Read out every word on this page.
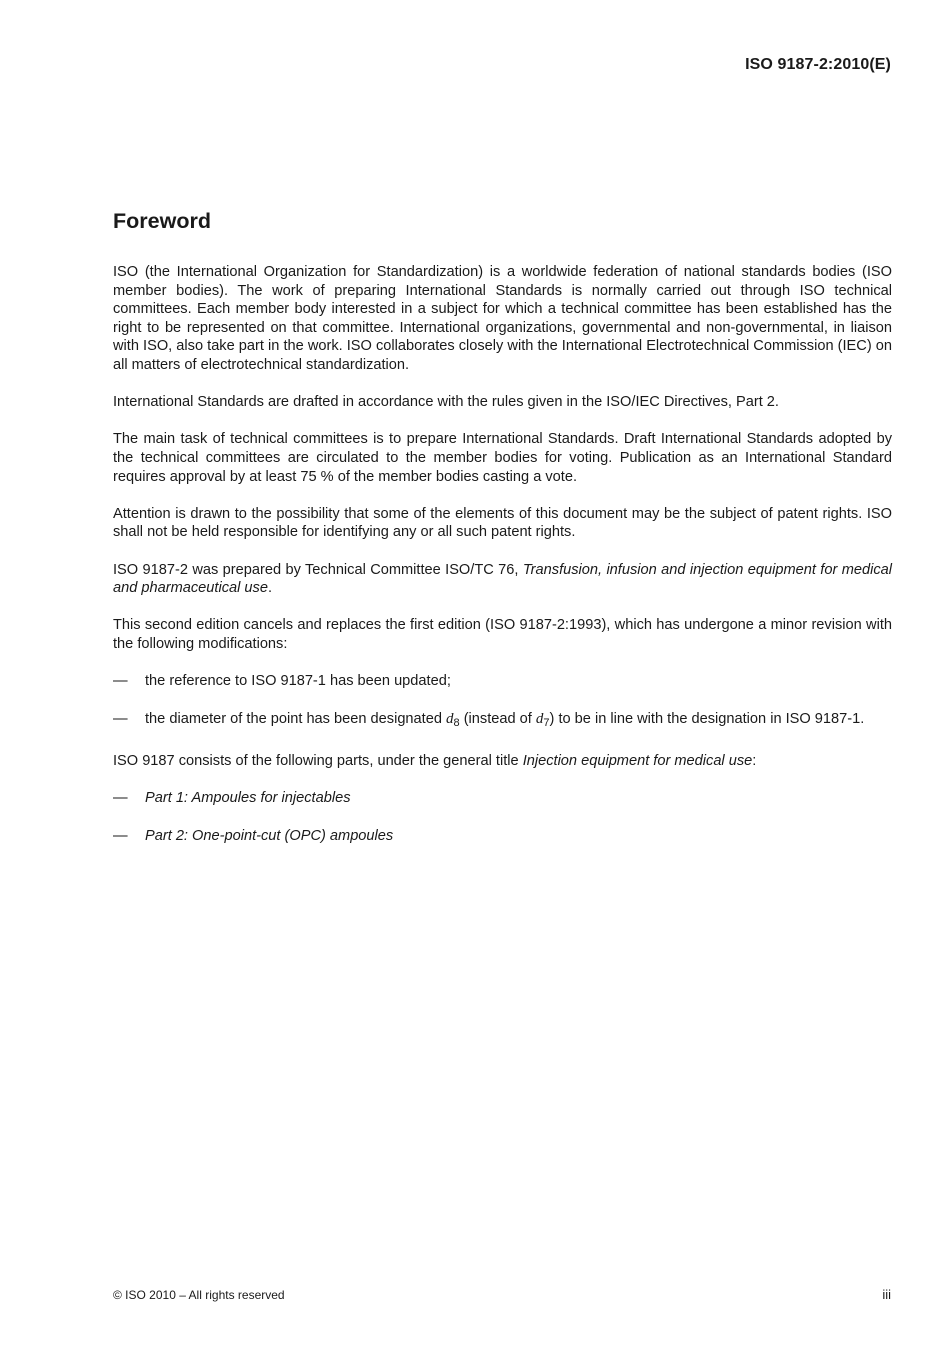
ISO 9187-2:2010(E)
Foreword

ISO (the International Organization for Standardization) is a worldwide federation of national standards bodies (ISO member bodies). The work of preparing International Standards is normally carried out through ISO technical committees. Each member body interested in a subject for which a technical committee has been established has the right to be represented on that committee. International organizations, governmental and non-governmental, in liaison with ISO, also take part in the work. ISO collaborates closely with the International Electrotechnical Commission (IEC) on all matters of electrotechnical standardization.

International Standards are drafted in accordance with the rules given in the ISO/IEC Directives, Part 2.

The main task of technical committees is to prepare International Standards. Draft International Standards adopted by the technical committees are circulated to the member bodies for voting. Publication as an International Standard requires approval by at least 75 % of the member bodies casting a vote.

Attention is drawn to the possibility that some of the elements of this document may be the subject of patent rights. ISO shall not be held responsible for identifying any or all such patent rights.

ISO 9187-2 was prepared by Technical Committee ISO/TC 76, Transfusion, infusion and injection equipment for medical and pharmaceutical use.

This second edition cancels and replaces the first edition (ISO 9187-2:1993), which has undergone a minor revision with the following modifications:

—	the reference to ISO 9187-1 has been updated;
—	the diameter of the point has been designated $d_8$ (instead of $d_7$) to be in line with the designation in ISO 9187-1.

ISO 9187 consists of the following parts, under the general title Injection equipment for medical use:

—	Part 1: Ampoules for injectables
—	Part 2: One-point-cut (OPC) ampoules
© ISO 2010 – All rights reserved	iii
